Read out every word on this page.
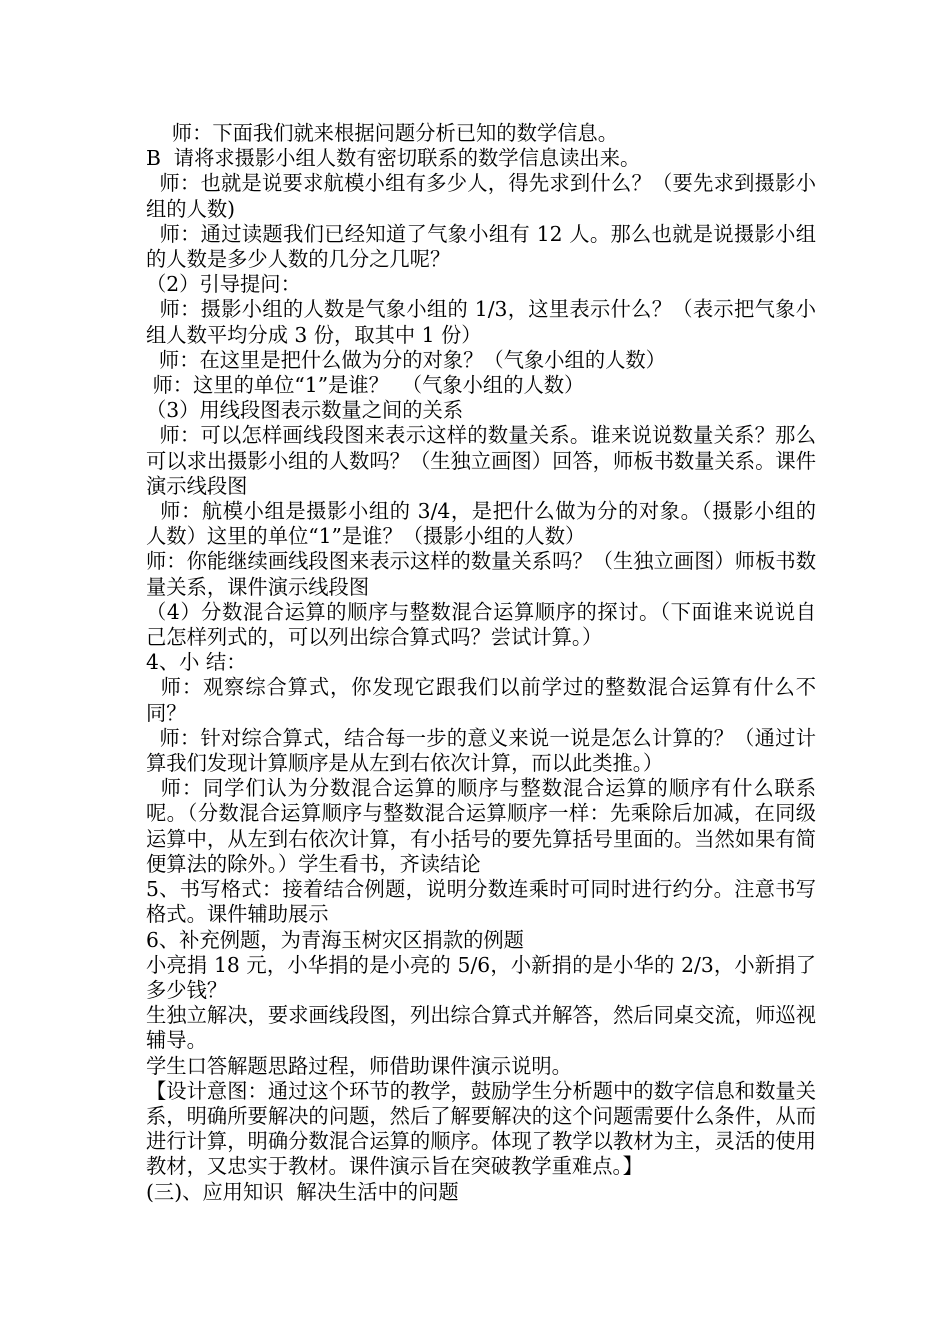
师：下面我们就来根据问题分析已知的数学信息。

B  请将求摄影小组人数有密切联系的数学信息读出来。

师：也就是说要求航模小组有多少人，得先求到什么？（要先求到摄影小组的人数)

师：通过读题我们已经知道了气象小组有 12 人。那么也就是说摄影小组的人数是多少人数的几分之几呢？

（2）引导提问：

师：摄影小组的人数是气象小组的 1/3，这里表示什么？（表示把气象小组人数平均分成 3 份，取其中 1 份）

师：在这里是把什么做为分的对象？（气象小组的人数）

师：这里的单位“1”是谁？  （气象小组的人数）

（3）用线段图表示数量之间的关系

师：可以怎样画线段图来表示这样的数量关系。谁来说说数量关系？那么可以求出摄影小组的人数吗？（生独立画图）回答，师板书数量关系。课件演示线段图

师：航模小组是摄影小组的 3/4，是把什么做为分的对象。（摄影小组的人数）这里的单位“1”是谁？（摄影小组的人数）

师：你能继续画线段图来表示这样的数量关系吗？（生独立画图）师板书数量关系，课件演示线段图

（4）分数混合运算的顺序与整数混合运算顺序的探讨。（下面谁来说说自己怎样列式的，可以列出综合算式吗？尝试计算。）

4、小 结：

师：观察综合算式，你发现它跟我们以前学过的整数混合运算有什么不同？

师：针对综合算式，结合每一步的意义来说一说是怎么计算的？（通过计算我们发现计算顺序是从左到右依次计算，而以此类推。）

师：同学们认为分数混合运算的顺序与整数混合运算的顺序有什么联系呢。（分数混合运算顺序与整数混合运算顺序一样：先乘除后加减，在同级运算中，从左到右依次计算，有小括号的要先算括号里面的。当然如果有简便算法的除外。）学生看书，齐读结论

5、书写格式：接着结合例题，说明分数连乘时可同时进行约分。注意书写格式。课件辅助展示

6、补充例题，为青海玉树灾区捐款的例题

小亮捐 18 元，小华捐的是小亮的 5/6，小新捐的是小华的 2/3，小新捐了多少钱？

生独立解决，要求画线段图，列出综合算式并解答，然后同桌交流，师巡视辅导。

学生口答解题思路过程，师借助课件演示说明。

【设计意图：通过这个环节的教学，鼓励学生分析题中的数字信息和数量关系，明确所要解决的问题，然后了解要解决的这个问题需要什么条件，从而进行计算，明确分数混合运算的顺序。体现了教学以教材为主，灵活的使用教材，又忠实于教材。课件演示旨在突破教学重难点。】

(三)、应用知识  解决生活中的问题
